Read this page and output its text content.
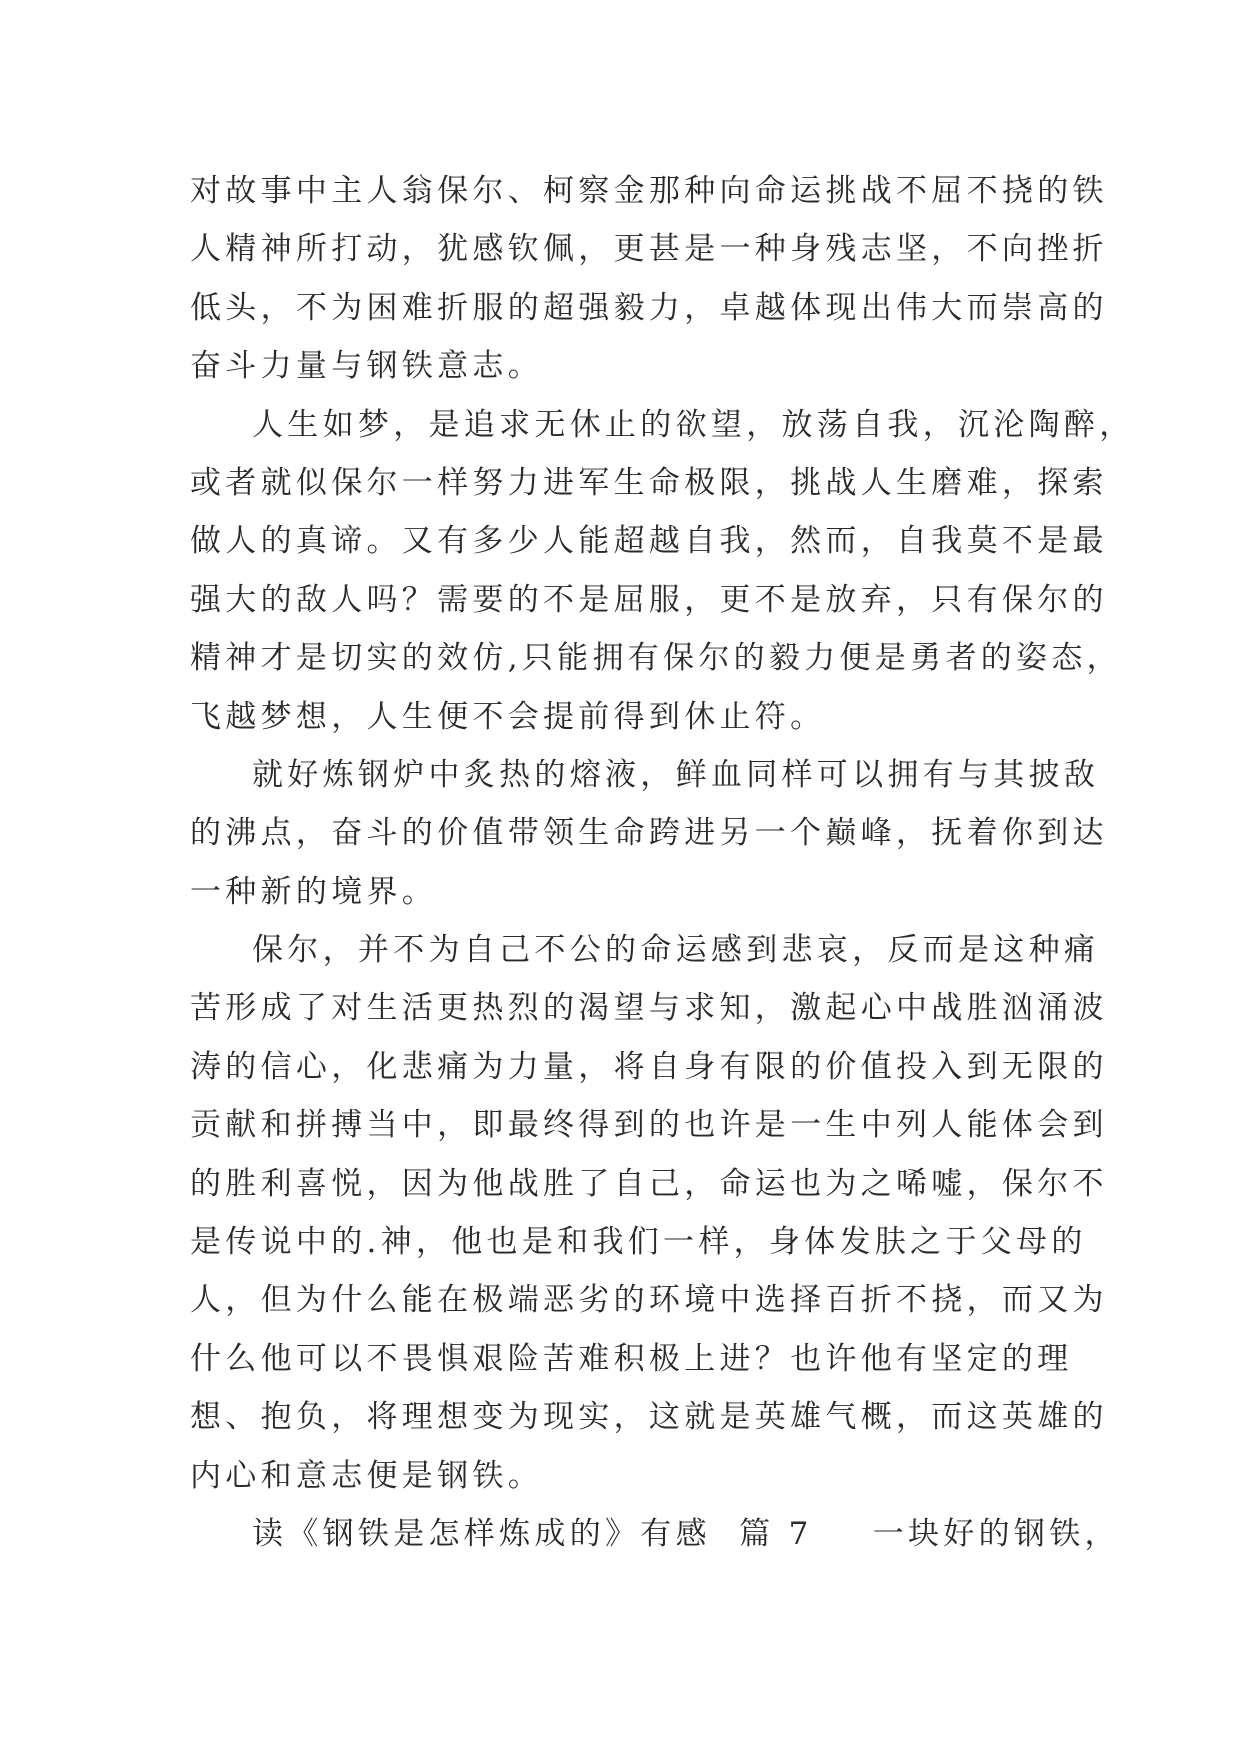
对故事中主人翁保尔、柯察金那种向命运挑战不屈不挠的铁
人精神所打动，犹感钦佩，更甚是一种身残志坚，不向挫折
低头，不为困难折服的超强毅力，卓越体现出伟大而崇高的
奋斗力量与钢铁意志。
人生如梦，是追求无休止的欲望，放荡自我，沉沦陶醉，
或者就似保尔一样努力进军生命极限，挑战人生磨难，探索
做人的真谛。又有多少人能超越自我，然而，自我莫不是最
强大的敌人吗？需要的不是屈服，更不是放弃，只有保尔的
精神才是切实的效仿,只能拥有保尔的毅力便是勇者的姿态，
飞越梦想，人生便不会提前得到休止符。
就好炼钢炉中炙热的熔液，鲜血同样可以拥有与其披敌
的沸点，奋斗的价值带领生命跨进另一个巅峰，抚着你到达
一种新的境界。
保尔，并不为自己不公的命运感到悲哀，反而是这种痛
苦形成了对生活更热烈的渴望与求知，激起心中战胜汹涌波
涛的信心，化悲痛为力量，将自身有限的价值投入到无限的
贡献和拼搏当中，即最终得到的也许是一生中列人能体会到
的胜利喜悦，因为他战胜了自己，命运也为之唏嘘，保尔不
是传说中的.神，他也是和我们一样，身体发肤之于父母的
人，但为什么能在极端恶劣的环境中选择百折不挠，而又为
什么他可以不畏惧艰险苦难积极上进？也许他有坚定的理
想、抱负，将理想变为现实，这就是英雄气概，而这英雄的
内心和意志便是钢铁。
读《钢铁是怎样炼成的》有感 篇 7 一块好的钢铁，
